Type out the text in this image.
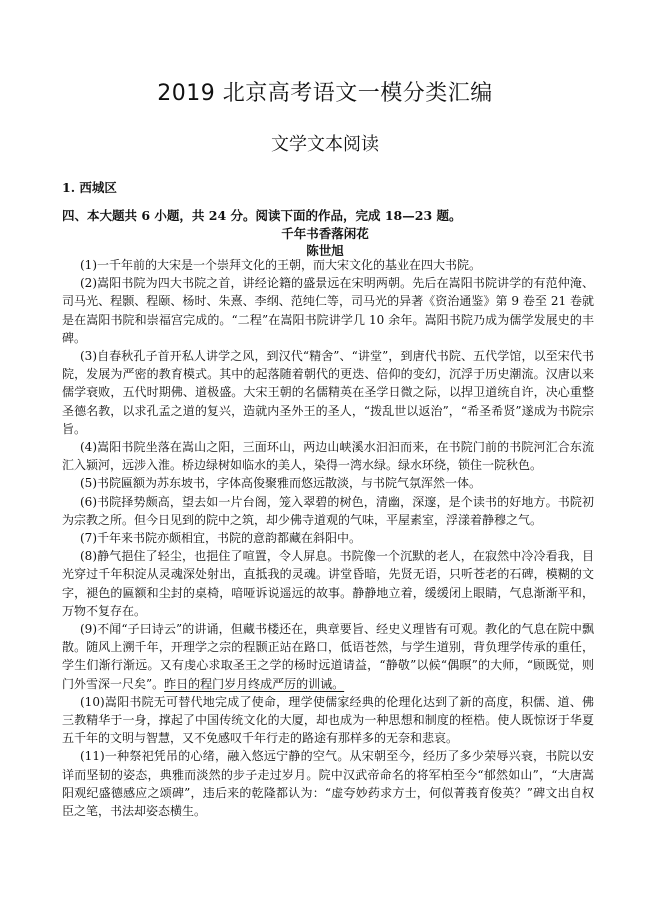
2019 北京高考语文一模分类汇编
文学文本阅读
1. 西城区
四、本大题共 6 小题，共 24 分。阅读下面的作品，完成 18—23 题。
千年书香落闲花
陈世旭

(1)一千年前的大宋是一个崇拜文化的王朝，而大宋文化的基业在四大书院。

(2)嵩阳书院为四大书院之首，讲经论籍的盛景远在宋明两朝。先后在嵩阳书院讲学的有范仲淹、司马光、程颢、程颐、杨时、朱熹、李纲、范纯仁等，司马光的异著《资治通鉴》第 9 卷至 21 卷就是在嵩阳书院和崇福宫完成的。“二程”在嵩阳书院讲学几 10 余年。嵩阳书院乃成为儒学发展史的丰碑。

(3)自春秋孔子首开私人讲学之风，到汉代“精舍”、“讲堂”，到唐代书院、五代学馆，以至宋代书院，发展为严密的教育模式。其中的起落随着朝代的更迭、倍仰的变幻，沉浮于历史潮流。汉唐以来儒学衰败，五代时期佛、道极盛。大宋王朝的名儒精英在圣学日微之际，以捍卫道统自许，决心重整圣德名教，以求孔孟之道的复兴，造就内圣外王的圣人，“拨乱世以返治”，“希圣希贤”遂成为书院宗旨。

(4)嵩阳书院坐落在嵩山之阳，三面环山，两边山峡溪水汩汩而来，在书院门前的书院河汇合东流汇入颍河，远涉入淮。桥边绿树如临水的美人，染得一湾水绿。绿水环绕，锁住一院秋色。

(5)书院匾额为苏东坡书，字体高俊聚雅而悠远散淡，与书院气氛浑然一体。

(6)书院择势颇高，望去如一片台阁，笼入翠碧的树色，清幽，深邃，是个读书的好地方。书院初为宗教之所。但今日见到的院中之筑，却少佛寺道观的气味，平屋素室，浮漾着静穆之气。

(7)千年来书院亦颇相宜，书院的意韵都藏在斜阳中。

(8)静气挹住了轻尘，也挹住了喧置，令人屏息。书院像一个沉默的老人，在寂然中冷冷看我，目光穿过千年积淀从灵魂深处射出，直抵我的灵魂。讲堂昏暗，先贤无语，只听苍老的石碑，模糊的文字，褪色的匾额和尘封的桌椅，喑哑诉说遥远的故事。静静地立着，缓缓闭上眼睛，气息渐渐平和，万物不复存在。

(9)不闻“子曰诗云”的讲诵，但藏书楼还在，典章要旨、经史义理皆有可观。教化的气息在院中飘散。随风上溯千年，开理学之宗的程颢正站在路口，低语苍然，与学生道别，背负理学传承的重任，学生们渐行渐远。又有虔心求取圣王之学的杨时远道请益，“静敬”以候“偶暝”的大师，“顾既觉，则门外雪深一尺矣”。昨日的程门岁月终成严厉的训诫。

(10)嵩阳书院无可替代地完成了使命，理学使儒家经典的伦理化达到了新的高度，积儒、道、佛三教精华于一身，撑起了中国传统文化的大厦，却也成为一种思想和制度的桎梏。使人既惊讶于华夏五千年的文明与智慧，又不免感叹千年行走的路途有那样多的无奈和悲哀。

(11)一种祭祀凭吊的心绪，融入悠远宁静的空气。从宋朝至今，经历了多少荣辱兴衰，书院以安详而坚韧的姿态，典雅而淡然的步子走过岁月。院中汉武帝命名的将军柏至今“郁然如山”，“大唐嵩阳观纪盛德感应之颂碑”，违后来的乾隆都认为：“虚夸妙药求方士，何似菁莪育俊英？”碑文出自权臣之笔，书法却姿态横生。
